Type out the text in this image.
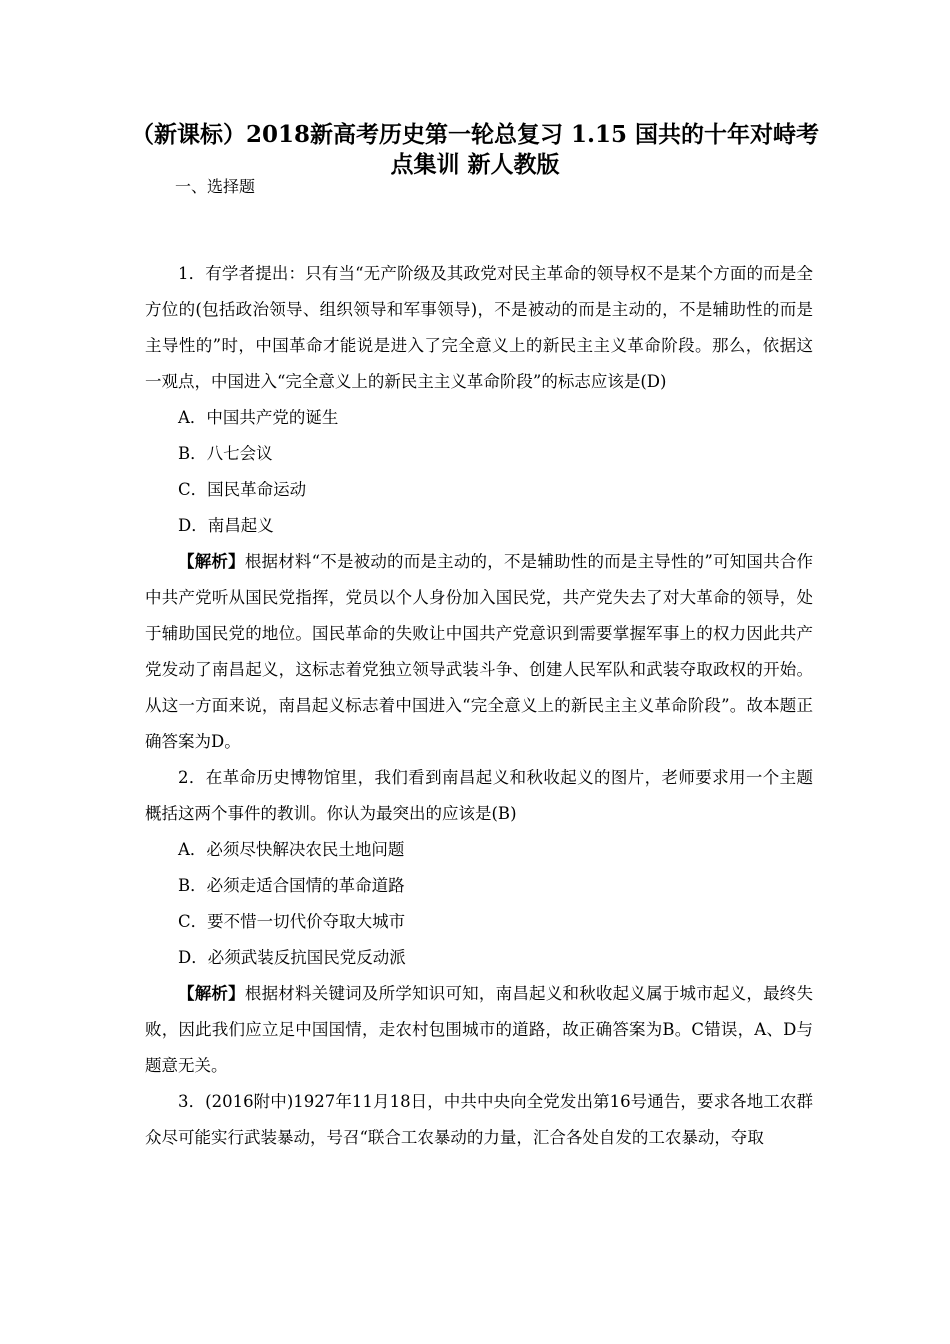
（新课标）2018新高考历史第一轮总复习 1.15 国共的十年对峙考点集训 新人教版
一、选择题

1．有学者提出：只有当“无产阶级及其政党对民主革命的领导权不是某个方面的而是全方位的(包括政治领导、组织领导和军事领导)，不是被动的而是主动的，不是辅助性的而是主导性的”时，中国革命才能说是进入了完全意义上的新民主主义革命阶段。那么，依据这一观点，中国进入“完全意义上的新民主主义革命阶段”的标志应该是(D)

A．中国共产党的诞生

B．八七会议

C．国民革命运动

D．南昌起义

【解析】根据材料“不是被动的而是主动的，不是辅助性的而是主导性的”可知国共合作中共产党听从国民党指挥，党员以个人身份加入国民党，共产党失去了对大革命的领导，处于辅助国民党的地位。国民革命的失败让中国共产党意识到需要掌握军事上的权力因此共产党发动了南昌起义，这标志着党独立领导武装斗争、创建人民军队和武装夺取政权的开始。从这一方面来说，南昌起义标志着中国进入“完全意义上的新民主主义革命阶段”。故本题正确答案为D。

2．在革命历史博物馆里，我们看到南昌起义和秋收起义的图片，老师要求用一个主题概括这两个事件的教训。你认为最突出的应该是(B)

A．必须尽快解决农民土地问题

B．必须走适合国情的革命道路

C．要不惜一切代价夺取大城市

D．必须武装反抗国民党反动派

【解析】根据材料关键词及所学知识可知，南昌起义和秋收起义属于城市起义，最终失败，因此我们应立足中国国情，走农村包围城市的道路，故正确答案为B。C错误，A、D与题意无关。

3．(2016附中)1927年11月18日，中共中央向全党发出第16号通告，要求各地工农群众尽可能实行武装暴动，号召“联合工农暴动的力量，汇合各处自发的工农暴动，夺取
